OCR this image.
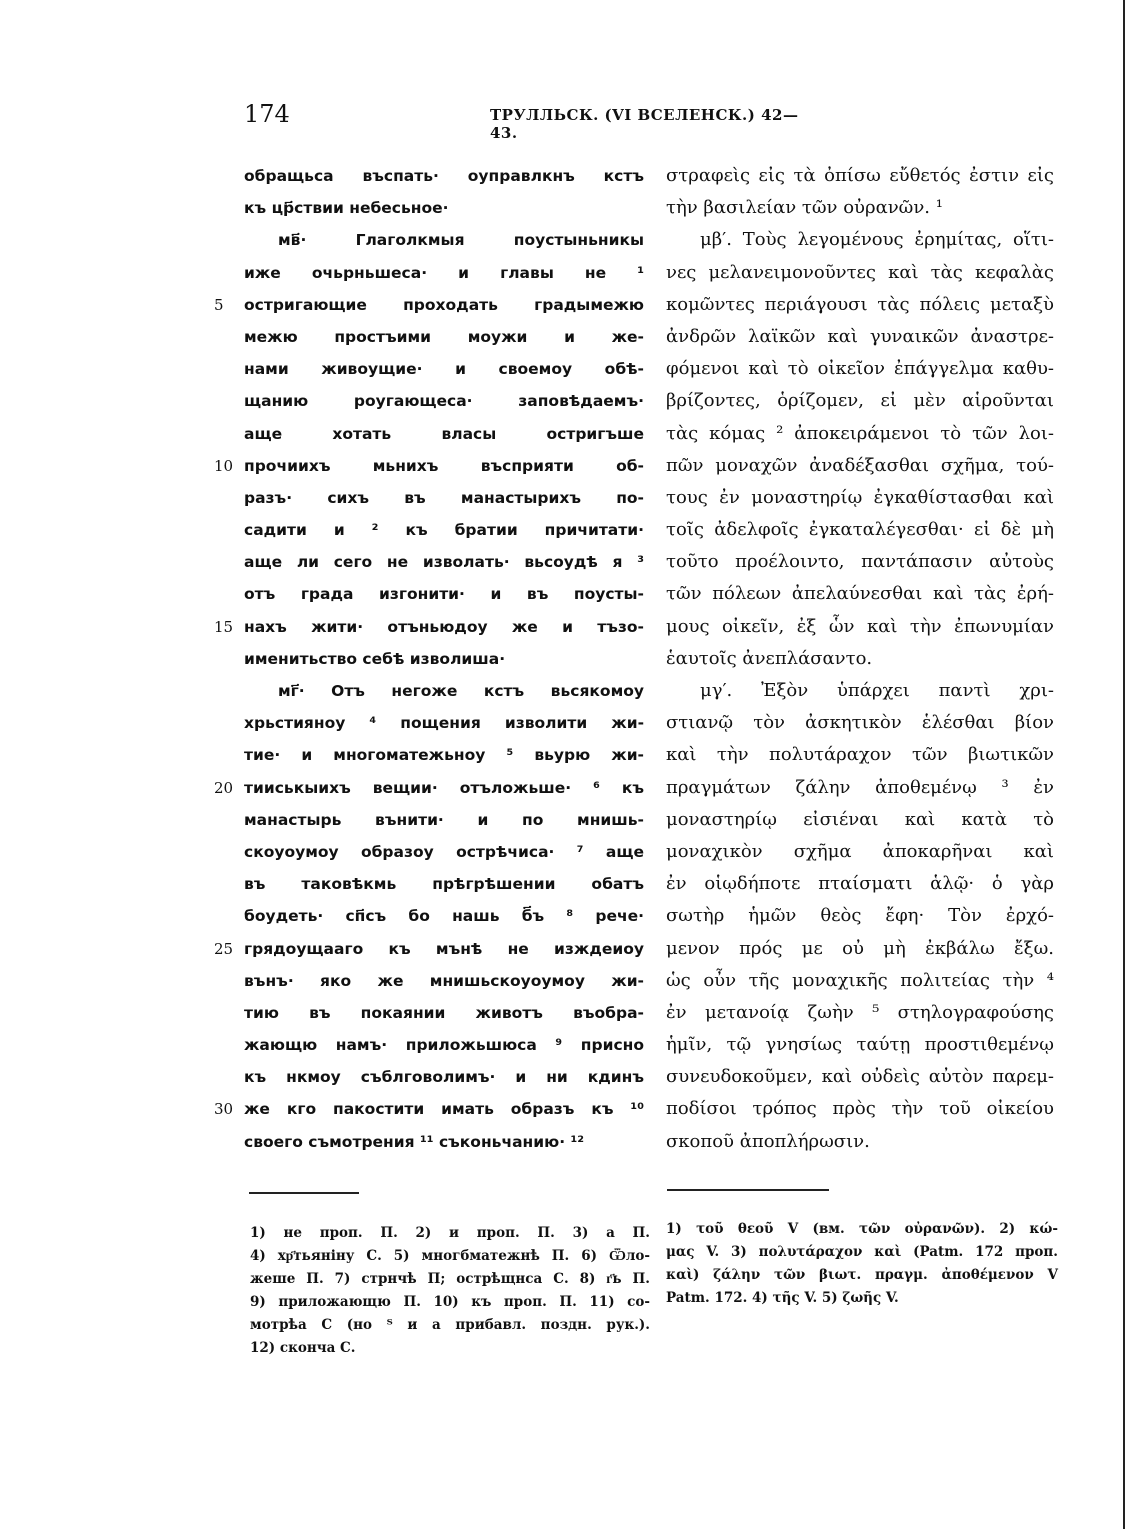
174	ТРУЛЛЬСК. (VI ВСЕЛЕНСК.) 42—43.
обращьса въспать· оуправлкнъ кстъ
къ цр҃ствии небесьное·
мв҃· Глаголкмыя поустыньникы
иже очьрньшеса· и главы не ¹
5	остригающие проходать градымежю
межю простъими моужи и же-
нами живоущие· и своемоу обѣ-
щанию роугающеса· заповѣдаемъ·
аще хотать власы остригъше
10 прочиихъ мьнихъ въсприяти об-
разъ· сихъ въ манастырихъ по-
садити и ² къ братии причитати·
аще ли сего не изволать· вьсоудѣ я ³
отъ града изгонити· и въ поусты-
15 нахъ жити· отъньюдоу же и тъзо-
именитьство себѣ изволиша·
мг҃· Отъ негоже кстъ вьсякомоу
хрьстияноу ⁴ пощения изволити жи-
тие· и многоматежьноу ⁵ вьурю жи-
20 тииськыихъ вещии· отъложьше· ⁶ къ
манастырь вънити· и по мнишь-
скоуоумоу образоу острѣчиса· ⁷ аще
въ таковѣкмь прѣгрѣшении обатъ
боудеть· сп҃съ бо нашь б҃ъ ⁸ рече·
25 грядоущааго къ мънѣ не изждеиоу
вънъ· яко же мнишьскоуоумоу жи-
тию въ покаянии животъ въобра-
жающю намъ· приложьшюса ⁹ присно
къ нкмоу съблговолимъ· и ни кдинъ
30 же кго пакостити имать образъ къ ¹⁰
своего съмотрения ¹¹ съконьчанию· ¹²
στραφεὶς εἰς τὰ ὀπίσω εὔθετός ἐστιν εἰς
τὴν βασιλείαν τῶν οὐρανῶν. ¹
μβ′. Τοὺς λεγομένους ἐρημίτας, οἵτι-
νες μελανειμονοῦντες καὶ τὰς κεφαλὰς
κομῶντες περιάγουσι τὰς πόλεις μεταξὺ
ἀνδρῶν λαϊκῶν καὶ γυναικῶν ἀναστρε-
φόμενοι καὶ τὸ οἰκεῖον ἐπάγγελμα καθυ-
βρίζοντες, ὁρίζομεν, εἰ μὲν αἱροῦνται
τὰς κόμας ² ἀποκειράμενοι τὸ τῶν λοι-
πῶν μοναχῶν ἀναδέξασθαι σχῆμα, τού-
τους ἐν μοναστηρίῳ ἐγκαθίστασθαι καὶ
τοῖς ἀδελφοῖς ἐγκαταλέγεσθαι· εἰ δὲ μὴ
τοῦτο προέλοιντο, παντάπασιν αὐτοὺς
τῶν πόλεων ἀπελαύνεσθαι καὶ τὰς ἐρή-
μους οἰκεῖν, ἐξ ὧν καὶ τὴν ἐπωνυμίαν
ἑαυτοῖς ἀνεπλάσαντο.
μγ′. Ἐξὸν ὑπάρχει παντὶ χρι-
στιανῷ τὸν ἀσκητικὸν ἑλέσθαι βίον
καὶ τὴν πολυτάραχον τῶν βιωτικῶν
πραγμάτων ζάλην ἀποθεμένῳ ³ ἐν
μοναστηρίῳ εἰσιέναι καὶ κατὰ τὸ
μοναχικὸν σχῆμα ἀποκαρῆναι καὶ
ἐν οἱῳδήποτε πταίσματι ἁλῷ· ὁ γὰρ
σωτὴρ ἡμῶν θεὸς ἔφη· Τὸν ἐρχό-
μενον πρός με οὐ μὴ ἐκβάλω ἔξω.
ὡς οὖν τῆς μοναχικῆς πολιτείας τὴν ⁴
ἐν μετανοίᾳ ζωὴν ⁵ στηλογραφούσης
ἡμῖν, τῷ γνησίως ταύτῃ προστιθεμένῳ
συνευδοκοῦμεν, καὶ οὐδεὶς αὐτὸν παρεμ-
ποδίσοι τρόπος πρὸς τὴν τοῦ οἰκείου
σκοποῦ ἀποπλήρωσιν.
1) не проп. П. 2) и проп. П. 3) а П.
4) хр҃тьяніну С. 5) многбматежнѣ П. 6) Ѿло-
жеше П. 7) стрнчѣ П; острѣщнса С. 8) г҃ь П.
9) приложающю П. 10) къ проп. П. 11) со-
мотрѣа С (но ᵀ и а прибавл. поздн. рук.).
12) сконча С.
1) τοῦ θεοῦ V (вм. τῶν οὐρανῶν). 2) κώ-
μας V. 3) πολυτάραχον καὶ (Patm. 172 проп.
καὶ) ζάλην τῶν βιωτ. πραγμ. ἀποθέμενον V
Patm. 172. 4) τῆς V. 5) ζωῆς V.
